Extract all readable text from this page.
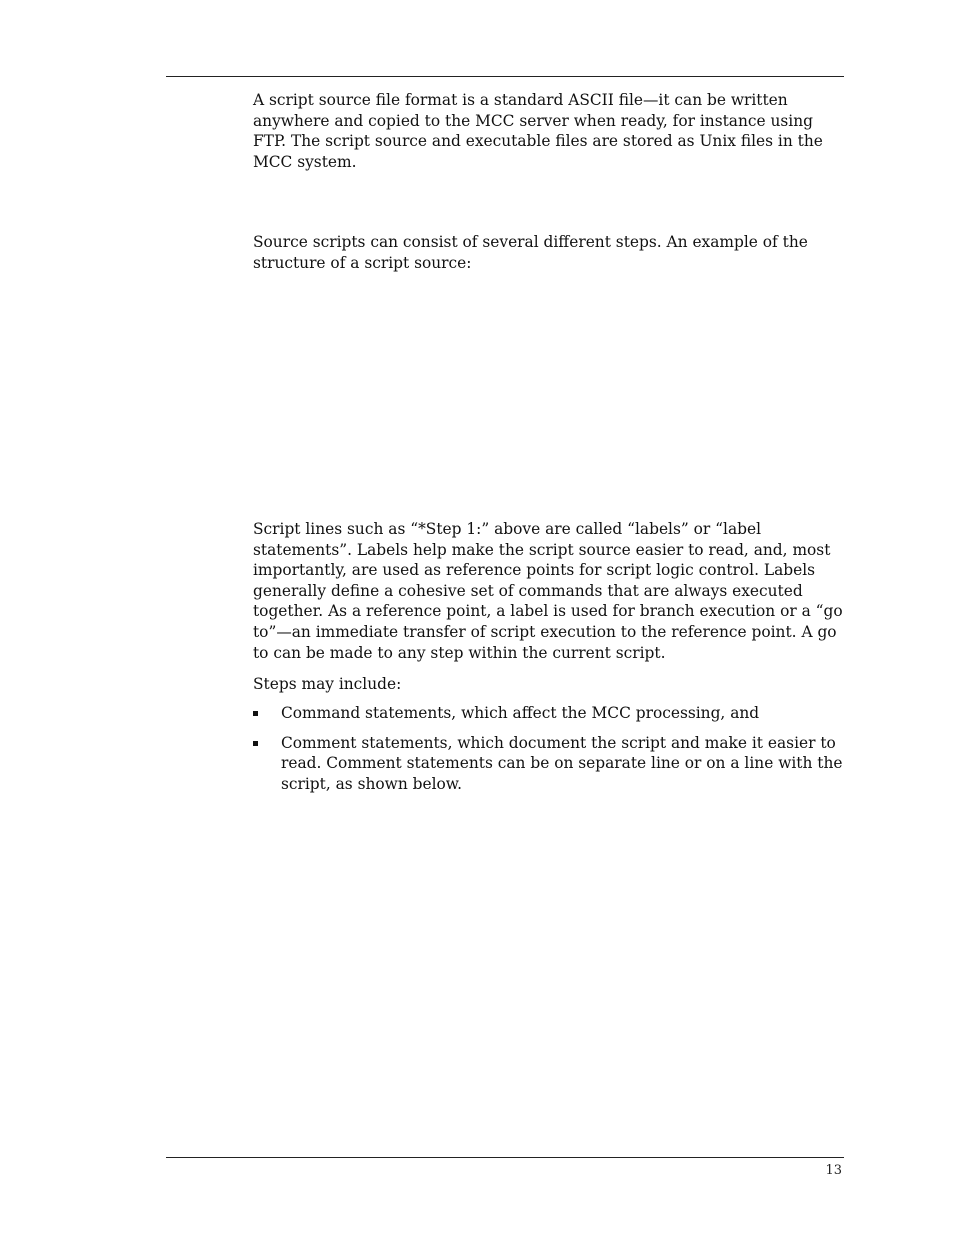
A script source file format is a standard ASCII file—it can be written anywhere and copied to the MCC server when ready, for instance using FTP. The script source and executable files are stored as Unix files in the MCC system.

Source scripts can consist of several different steps. An example of the structure of a script source:

Script lines such as “*Step 1:” above are called “labels” or “label statements”. Labels help make the script source easier to read, and, most importantly, are used as reference points for script logic control. Labels generally define a cohesive set of commands that are always executed together. As a reference point, a label is used for branch execution or a “go to”—an immediate transfer of script execution to the reference point. A go to can be made to any step within the current script.

Steps may include:

Command statements, which affect the MCC processing, and
Comment statements, which document the script and make it easier to read. Comment statements can be on separate line or on a line with the script, as shown below.
13
